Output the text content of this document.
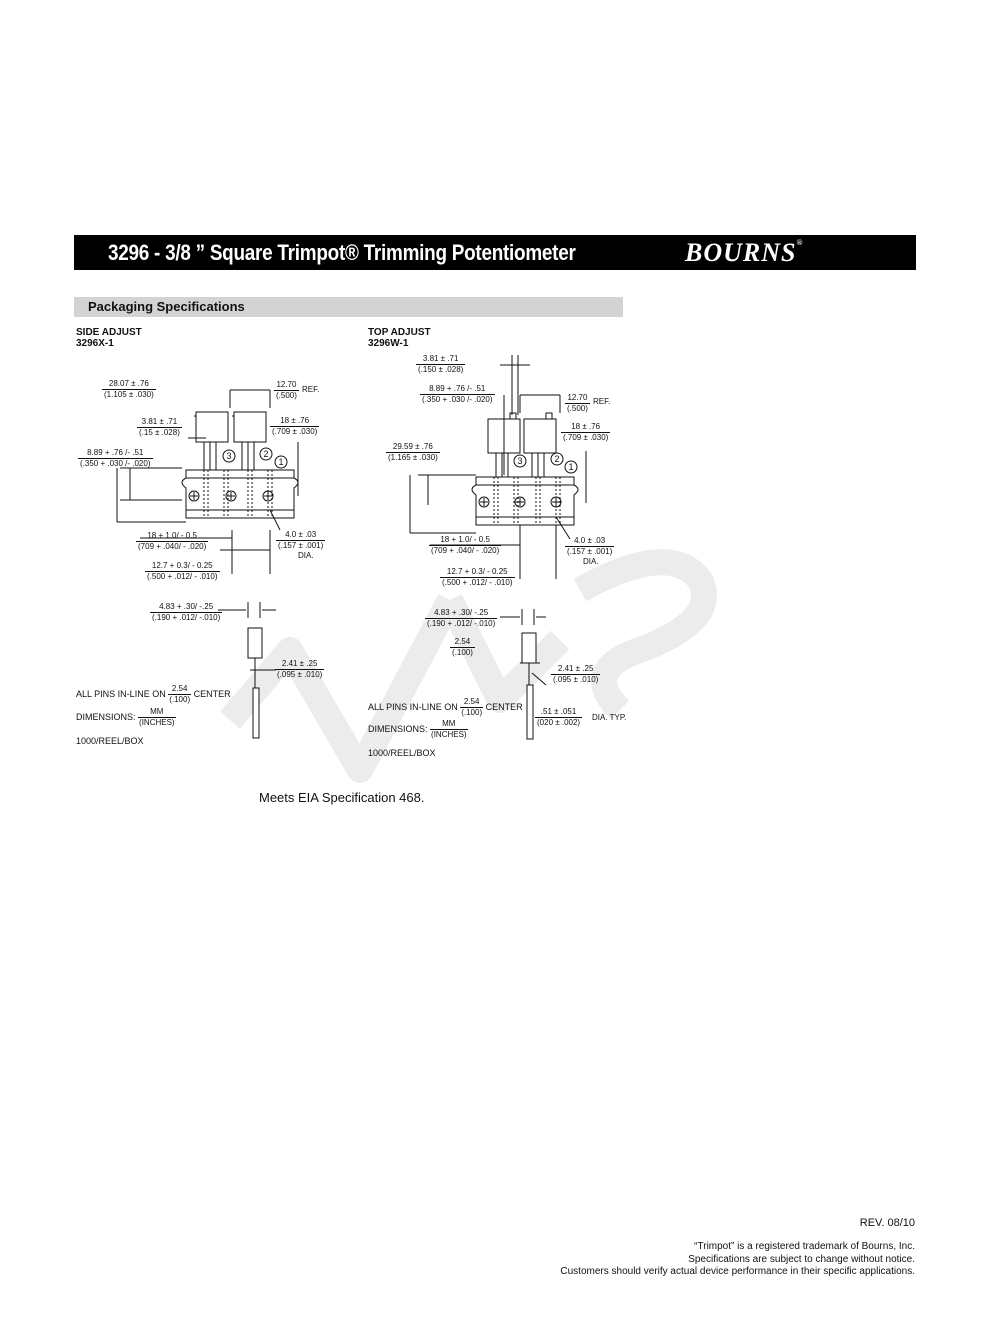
3296 - 3/8 ” Square Trimpot® Trimming Potentiometer	BOURNS®
Packaging Specifications
SIDE ADJUST
3296X-1
3	2
1
28.07 ± .76
(1.105 ± .030)
12.70
(.500)
REF.
3.81 ± .71
(.15 ± .028)
18 ± .76
(.709 ± .030)
8.89 + .76 /- .51
(.350 + .030 /- .020)
18 + 1.0/ - 0.5
(709 + .040/ - .020)
4.0 ± .03
(.157 ± .001)
DIA.
12.7 + 0.3/ - 0.25
(.500 + .012/ - .010)
4.83 + .30/ -.25
(.190 + .012/ -.010)
2.41 ± .25
(.095 ± .010)
ALL PINS IN-LINE ON $\frac{2.54}{(.100)}$ CENTER
DIMENSIONS: $\frac{MM}{\text{(INCHES)}}$
1000/REEL/BOX
TOP ADJUST
3296W-1
3	2
1
3.81 ± .71
(.150 ± .028)
8.89 + .76 /- .51
(.350 + .030 /- .020)	12.70
(.500)
REF.
18 ± .76
(.709 ± .030)
29.59 ± .76
(1.165 ± .030)
18 + 1.0/ - 0.5
(709 + .040/ - .020)
4.0 ± .03
(.157 ± .001)
DIA.
12.7 + 0.3/ - 0.25
(.500 + .012/ - .010)
4.83 + .30/ -.25
(.190 + .012/ -.010)
2.54
(.100)
2.41 ± .25
(.095 ± .010)
.51 ± .051
(020 ± .002)
DIA. TYP.
ALL PINS IN-LINE ON $\frac{2.54}{(.100)}$ CENTER
DIMENSIONS: $\frac{MM}{\text{(INCHES)}}$
1000/REEL/BOX
Meets EIA Specification 468.
REV. 08/10
“Trimpot” is a registered trademark of Bourns, Inc.
Specifications are subject to change without notice.
Customers should verify actual device performance in their specific applications.
